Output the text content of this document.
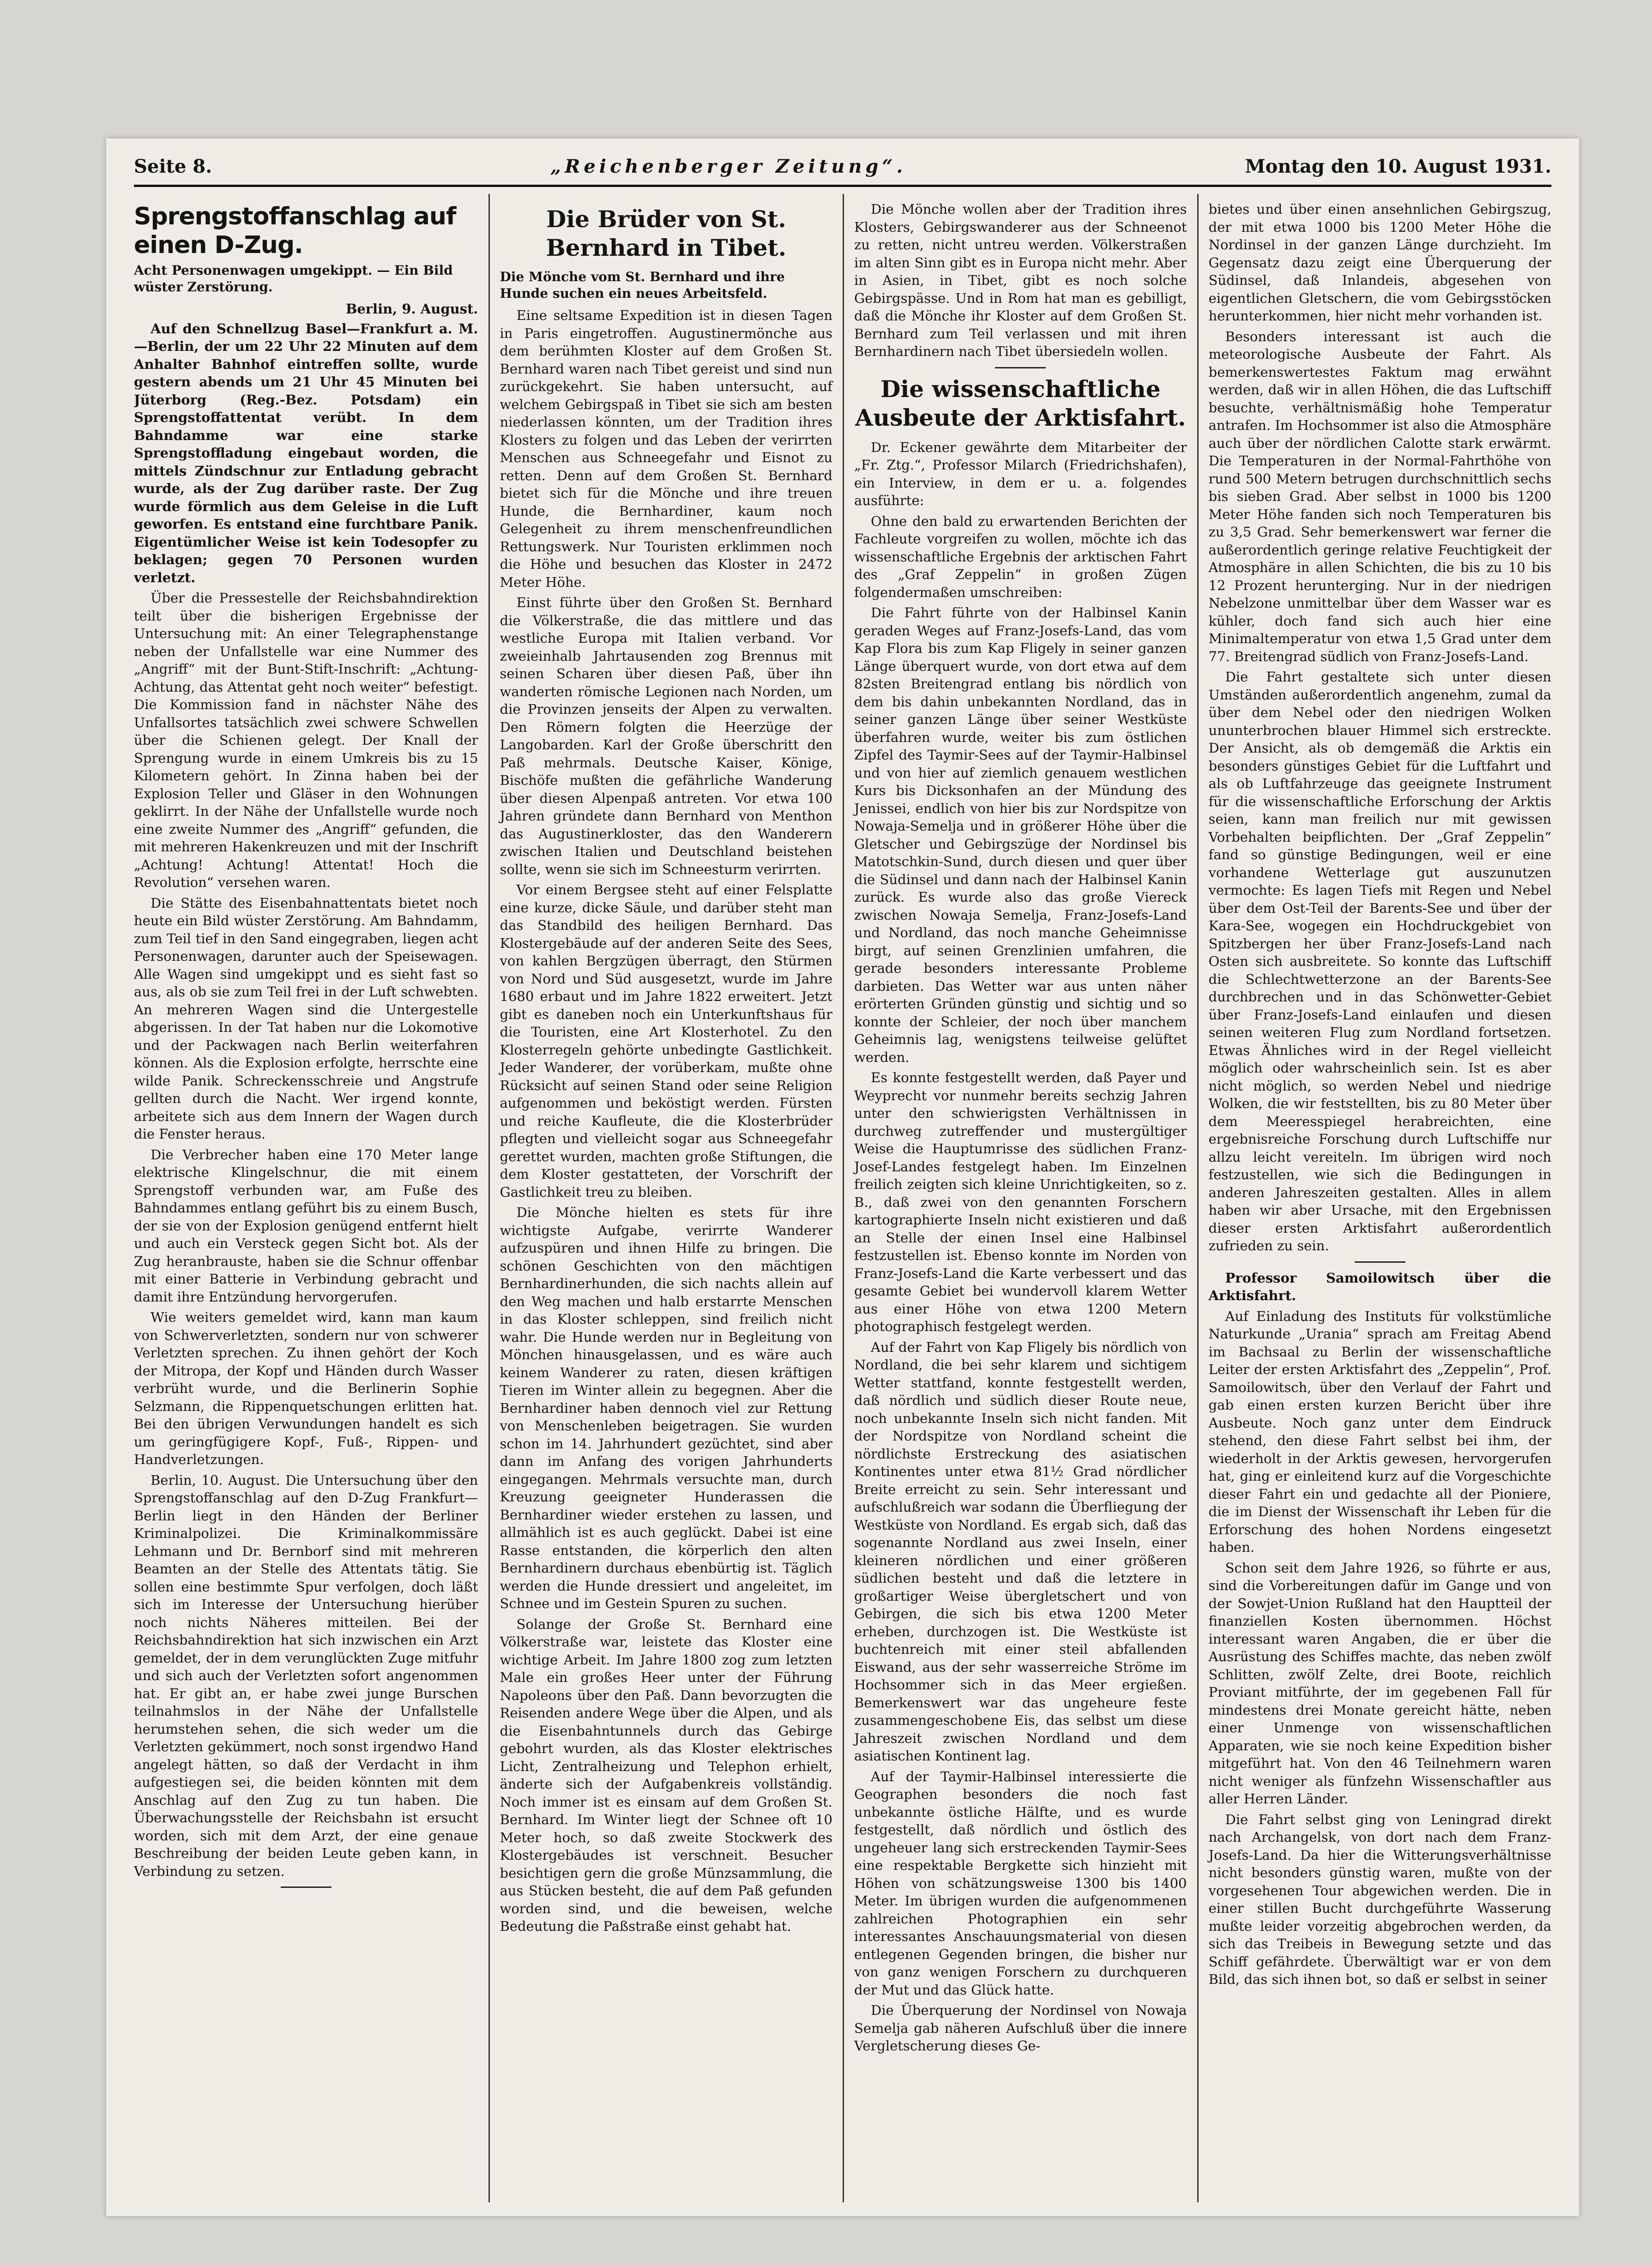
Seite 8.	„Reichenberger Zeitung“.	Montag den 10. August 1931.
Sprengstoffanschlag auf einen D-Zug.
Acht Personenwagen umgekippt. — Ein Bild wüster Zerstörung.
Berlin, 9. August.

Auf den Schnellzug Basel—Frankfurt a. M.—Berlin, der um 22 Uhr 22 Minuten auf dem Anhalter Bahnhof eintreffen sollte, wurde gestern abends um 21 Uhr 45 Minuten bei Jüterborg (Reg.-Bez. Potsdam) ein Sprengstoffattentat verübt. In dem Bahndamme war eine starke Sprengstoffladung eingebaut worden, die mittels Zündschnur zur Entladung gebracht wurde, als der Zug darüber raste. Der Zug wurde förmlich aus dem Geleise in die Luft geworfen. Es entstand eine furchtbare Panik. Eigentümlicher Weise ist kein Todesopfer zu beklagen; gegen 70 Personen wurden verletzt.

Über die Pressestelle der Reichsbahndirektion teilt über die bisherigen Ergebnisse der Untersuchung mit: An einer Telegraphenstange neben der Unfallstelle war eine Nummer des „Angriff“ mit der Bunt-Stift-Inschrift: „Achtung-Achtung, das Attentat geht noch weiter“ befestigt. Die Kommission fand in nächster Nähe des Unfallsortes tatsächlich zwei schwere Schwellen über die Schienen gelegt. Der Knall der Sprengung wurde in einem Umkreis bis zu 15 Kilometern gehört. In Zinna haben bei der Explosion Teller und Gläser in den Wohnungen geklirrt. In der Nähe der Unfallstelle wurde noch eine zweite Nummer des „Angriff“ gefunden, die mit mehreren Hakenkreuzen und mit der Inschrift „Achtung! Achtung! Attentat! Hoch die Revolution“ versehen waren.

Die Stätte des Eisenbahnattentats bietet noch heute ein Bild wüster Zerstörung. Am Bahndamm, zum Teil tief in den Sand eingegraben, liegen acht Personenwagen, darunter auch der Speisewagen. Alle Wagen sind umgekippt und es sieht fast so aus, als ob sie zum Teil frei in der Luft schwebten. An mehreren Wagen sind die Untergestelle abgerissen. In der Tat haben nur die Lokomotive und der Packwagen nach Berlin weiterfahren können. Als die Explosion erfolgte, herrschte eine wilde Panik. Schreckensschreie und Angstrufe gellten durch die Nacht. Wer irgend konnte, arbeitete sich aus dem Innern der Wagen durch die Fenster heraus.

Die Verbrecher haben eine 170 Meter lange elektrische Klingelschnur, die mit einem Sprengstoff verbunden war, am Fuße des Bahndammes entlang geführt bis zu einem Busch, der sie von der Explosion genügend entfernt hielt und auch ein Versteck gegen Sicht bot. Als der Zug heranbrauste, haben sie die Schnur offenbar mit einer Batterie in Verbindung gebracht und damit ihre Entzündung hervorgerufen.

Wie weiters gemeldet wird, kann man kaum von Schwerverletzten, sondern nur von schwerer Verletzten sprechen. Zu ihnen gehört der Koch der Mitropa, der Kopf und Händen durch Wasser verbrüht wurde, und die Berlinerin Sophie Selzmann, die Rippenquetschungen erlitten hat. Bei den übrigen Verwundungen handelt es sich um geringfügigere Kopf-, Fuß-, Rippen- und Handverletzungen.

Berlin, 10. August. Die Untersuchung über den Sprengstoffanschlag auf den D-Zug Frankfurt—Berlin liegt in den Händen der Berliner Kriminalpolizei. Die Kriminalkommissäre Lehmann und Dr. Bernborf sind mit mehreren Beamten an der Stelle des Attentats tätig. Sie sollen eine bestimmte Spur verfolgen, doch läßt sich im Interesse der Untersuchung hierüber noch nichts Näheres mitteilen. Bei der Reichsbahndirektion hat sich inzwischen ein Arzt gemeldet, der in dem verunglückten Zuge mitfuhr und sich auch der Verletzten sofort angenommen hat. Er gibt an, er habe zwei junge Burschen teilnahmslos in der Nähe der Unfallstelle herumstehen sehen, die sich weder um die Verletzten gekümmert, noch sonst irgendwo Hand angelegt hätten, so daß der Verdacht in ihm aufgestiegen sei, die beiden könnten mit dem Anschlag auf den Zug zu tun haben. Die Überwachungsstelle der Reichsbahn ist ersucht worden, sich mit dem Arzt, der eine genaue Beschreibung der beiden Leute geben kann, in Verbindung zu setzen.

Die Brüder von St. Bernhard in Tibet.
Die Mönche vom St. Bernhard und ihre Hunde suchen ein neues Arbeitsfeld.

Eine seltsame Expedition ist in diesen Tagen in Paris eingetroffen. Augustinermönche aus dem berühmten Kloster auf dem Großen St. Bernhard waren nach Tibet gereist und sind nun zurückgekehrt. Sie haben untersucht, auf welchem Gebirgspaß in Tibet sie sich am besten niederlassen könnten, um der Tradition ihres Klosters zu folgen und das Leben der verirrten Menschen aus Schneegefahr und Eisnot zu retten. Denn auf dem Großen St. Bernhard bietet sich für die Mönche und ihre treuen Hunde, die Bernhardiner, kaum noch Gelegenheit zu ihrem menschenfreundlichen Rettungswerk. Nur Touristen erklimmen noch die Höhe und besuchen das Kloster in 2472 Meter Höhe.

Einst führte über den Großen St. Bernhard die Völkerstraße, die das mittlere und das westliche Europa mit Italien verband. Vor zweieinhalb Jahrtausenden zog Brennus mit seinen Scharen über diesen Paß, über ihn wanderten römische Legionen nach Norden, um die Provinzen jenseits der Alpen zu verwalten. Den Römern folgten die Heerzüge der Langobarden. Karl der Große überschritt den Paß mehrmals. Deutsche Kaiser, Könige, Bischöfe mußten die gefährliche Wanderung über diesen Alpenpaß antreten. Vor etwa 100 Jahren gründete dann Bernhard von Menthon das Augustinerkloster, das den Wanderern zwischen Italien und Deutschland beistehen sollte, wenn sie sich im Schneesturm verirrten.

Vor einem Bergsee steht auf einer Felsplatte eine kurze, dicke Säule, und darüber steht man das Standbild des heiligen Bernhard. Das Klostergebäude auf der anderen Seite des Sees, von kahlen Bergzügen überragt, den Stürmen von Nord und Süd ausgesetzt, wurde im Jahre 1680 erbaut und im Jahre 1822 erweitert. Jetzt gibt es daneben noch ein Unterkunftshaus für die Touristen, eine Art Klosterhotel. Zu den Klosterregeln gehörte unbedingte Gastlichkeit. Jeder Wanderer, der vorüberkam, mußte ohne Rücksicht auf seinen Stand oder seine Religion aufgenommen und beköstigt werden. Fürsten und reiche Kaufleute, die die Klosterbrüder pflegten und vielleicht sogar aus Schneegefahr gerettet wurden, machten große Stiftungen, die dem Kloster gestatteten, der Vorschrift der Gastlichkeit treu zu bleiben.

Die Mönche hielten es stets für ihre wichtigste Aufgabe, verirrte Wanderer aufzuspüren und ihnen Hilfe zu bringen. Die schönen Geschichten von den mächtigen Bernhardinerhunden, die sich nachts allein auf den Weg machen und halb erstarrte Menschen in das Kloster schleppen, sind freilich nicht wahr. Die Hunde werden nur in Begleitung von Mönchen hinausgelassen, und es wäre auch keinem Wanderer zu raten, diesen kräftigen Tieren im Winter allein zu begegnen. Aber die Bernhardiner haben dennoch viel zur Rettung von Menschenleben beigetragen. Sie wurden schon im 14. Jahrhundert gezüchtet, sind aber dann im Anfang des vorigen Jahrhunderts eingegangen. Mehrmals versuchte man, durch Kreuzung geeigneter Hunderassen die Bernhardiner wieder erstehen zu lassen, und allmählich ist es auch geglückt. Dabei ist eine Rasse entstanden, die körperlich den alten Bernhardinern durchaus ebenbürtig ist. Täglich werden die Hunde dressiert und angeleitet, im Schnee und im Gestein Spuren zu suchen.

Solange der Große St. Bernhard eine Völkerstraße war, leistete das Kloster eine wichtige Arbeit. Im Jahre 1800 zog zum letzten Male ein großes Heer unter der Führung Napoleons über den Paß. Dann bevorzugten die Reisenden andere Wege über die Alpen, und als die Eisenbahntunnels durch das Gebirge gebohrt wurden, als das Kloster elektrisches Licht, Zentralheizung und Telephon erhielt, änderte sich der Aufgabenkreis vollständig. Noch immer ist es einsam auf dem Großen St. Bernhard. Im Winter liegt der Schnee oft 10 Meter hoch, so daß zweite Stockwerk des Klostergebäudes ist verschneit. Besucher besichtigen gern die große Münzsammlung, die aus Stücken besteht, die auf dem Paß gefunden worden sind, und die beweisen, welche Bedeutung die Paßstraße einst gehabt hat.

Die Mönche wollen aber der Tradition ihres Klosters, Gebirgswanderer aus der Schneenot zu retten, nicht untreu werden. Völkerstraßen im alten Sinn gibt es in Europa nicht mehr. Aber in Asien, in Tibet, gibt es noch solche Gebirgspässe. Und in Rom hat man es gebilligt, daß die Mönche ihr Kloster auf dem Großen St. Bernhard zum Teil verlassen und mit ihren Bernhardinern nach Tibet übersiedeln wollen.

Die wissenschaftliche Ausbeute der Arktisfahrt.

Dr. Eckener gewährte dem Mitarbeiter der „Fr. Ztg.“, Professor Milarch (Friedrichshafen), ein Interview, in dem er u. a. folgendes ausführte:

Ohne den bald zu erwartenden Berichten der Fachleute vorgreifen zu wollen, möchte ich das wissenschaftliche Ergebnis der arktischen Fahrt des „Graf Zeppelin“ in großen Zügen folgendermaßen umschreiben:

Die Fahrt führte von der Halbinsel Kanin geraden Weges auf Franz-Josefs-Land, das vom Kap Flora bis zum Kap Fligely in seiner ganzen Länge überquert wurde, von dort etwa auf dem 82sten Breitengrad entlang bis nördlich von dem bis dahin unbekannten Nordland, das in seiner ganzen Länge über seiner Westküste überfahren wurde, weiter bis zum östlichen Zipfel des Taymir-Sees auf der Taymir-Halbinsel und von hier auf ziemlich genauem westlichen Kurs bis Dicksonhafen an der Mündung des Jenissei, endlich von hier bis zur Nordspitze von Nowaja-Semelja und in größerer Höhe über die Gletscher und Gebirgszüge der Nordinsel bis Matotschkin-Sund, durch diesen und quer über die Südinsel und dann nach der Halbinsel Kanin zurück. Es wurde also das große Viereck zwischen Nowaja Semelja, Franz-Josefs-Land und Nordland, das noch manche Geheimnisse birgt, auf seinen Grenzlinien umfahren, die gerade besonders interessante Probleme darbieten. Das Wetter war aus unten näher erörterten Gründen günstig und sichtig und so konnte der Schleier, der noch über manchem Geheimnis lag, wenigstens teilweise gelüftet werden.

Es konnte festgestellt werden, daß Payer und Weyprecht vor nunmehr bereits sechzig Jahren unter den schwierigsten Verhältnissen in durchweg zutreffender und mustergültiger Weise die Hauptumrisse des südlichen Franz-Josef-Landes festgelegt haben. Im Einzelnen freilich zeigten sich kleine Unrichtigkeiten, so z. B., daß zwei von den genannten Forschern kartographierte Inseln nicht existieren und daß an Stelle der einen Insel eine Halbinsel festzustellen ist. Ebenso konnte im Norden von Franz-Josefs-Land die Karte verbessert und das gesamte Gebiet bei wundervoll klarem Wetter aus einer Höhe von etwa 1200 Metern photographisch festgelegt werden.

Auf der Fahrt von Kap Fligely bis nördlich von Nordland, die bei sehr klarem und sichtigem Wetter stattfand, konnte festgestellt werden, daß nördlich und südlich dieser Route neue, noch unbekannte Inseln sich nicht fanden. Mit der Nordspitze von Nordland scheint die nördlichste Erstreckung des asiatischen Kontinentes unter etwa 81½ Grad nördlicher Breite erreicht zu sein. Sehr interessant und aufschlußreich war sodann die Überfliegung der Westküste von Nordland. Es ergab sich, daß das sogenannte Nordland aus zwei Inseln, einer kleineren nördlichen und einer größeren südlichen besteht und daß die letztere in großartiger Weise übergletschert und von Gebirgen, die sich bis etwa 1200 Meter erheben, durchzogen ist. Die Westküste ist buchtenreich mit einer steil abfallenden Eiswand, aus der sehr wasserreiche Ströme im Hochsommer sich in das Meer ergießen. Bemerkenswert war das ungeheure feste zusammengeschobene Eis, das selbst um diese Jahreszeit zwischen Nordland und dem asiatischen Kontinent lag.

Auf der Taymir-Halbinsel interessierte die Geographen besonders die noch fast unbekannte östliche Hälfte, und es wurde festgestellt, daß nördlich und östlich des ungeheuer lang sich erstreckenden Taymir-Sees eine respektable Bergkette sich hinzieht mit Höhen von schätzungsweise 1300 bis 1400 Meter. Im übrigen wurden die aufgenommenen zahlreichen Photographien ein sehr interessantes Anschauungsmaterial von diesen entlegenen Gegenden bringen, die bisher nur von ganz wenigen Forschern zu durchqueren der Mut und das Glück hatte.

Die Überquerung der Nordinsel von Nowaja Semelja gab näheren Aufschluß über die innere Vergletscherung dieses Ge-

bietes und über einen ansehnlichen Gebirgszug, der mit etwa 1000 bis 1200 Meter Höhe die Nordinsel in der ganzen Länge durchzieht. Im Gegensatz dazu zeigt eine Überquerung der Südinsel, daß Inlandeis, abgesehen von eigentlichen Gletschern, die vom Gebirgsstöcken herunterkommen, hier nicht mehr vorhanden ist.

Besonders interessant ist auch die meteorologische Ausbeute der Fahrt. Als bemerkenswertestes Faktum mag erwähnt werden, daß wir in allen Höhen, die das Luftschiff besuchte, verhältnismäßig hohe Temperatur antrafen. Im Hochsommer ist also die Atmosphäre auch über der nördlichen Calotte stark erwärmt. Die Temperaturen in der Normal-Fahrthöhe von rund 500 Metern betrugen durchschnittlich sechs bis sieben Grad. Aber selbst in 1000 bis 1200 Meter Höhe fanden sich noch Temperaturen bis zu 3,5 Grad. Sehr bemerkenswert war ferner die außerordentlich geringe relative Feuchtigkeit der Atmosphäre in allen Schichten, die bis zu 10 bis 12 Prozent herunterging. Nur in der niedrigen Nebelzone unmittelbar über dem Wasser war es kühler, doch fand sich auch hier eine Minimaltemperatur von etwa 1,5 Grad unter dem 77. Breitengrad südlich von Franz-Josefs-Land.

Die Fahrt gestaltete sich unter diesen Umständen außerordentlich angenehm, zumal da über dem Nebel oder den niedrigen Wolken ununterbrochen blauer Himmel sich erstreckte. Der Ansicht, als ob demgemäß die Arktis ein besonders günstiges Gebiet für die Luftfahrt und als ob Luftfahrzeuge das geeignete Instrument für die wissenschaftliche Erforschung der Arktis seien, kann man freilich nur mit gewissen Vorbehalten beipflichten. Der „Graf Zeppelin“ fand so günstige Bedingungen, weil er eine vorhandene Wetterlage gut auszunutzen vermochte: Es lagen Tiefs mit Regen und Nebel über dem Ost-Teil der Barents-See und über der Kara-See, wogegen ein Hochdruckgebiet von Spitzbergen her über Franz-Josefs-Land nach Osten sich ausbreitete. So konnte das Luftschiff die Schlechtwetterzone an der Barents-See durchbrechen und in das Schönwetter-Gebiet über Franz-Josefs-Land einlaufen und diesen seinen weiteren Flug zum Nordland fortsetzen. Etwas Ähnliches wird in der Regel vielleicht möglich oder wahrscheinlich sein. Ist es aber nicht möglich, so werden Nebel und niedrige Wolken, die wir feststellten, bis zu 80 Meter über dem Meeresspiegel herabreichten, eine ergebnisreiche Forschung durch Luftschiffe nur allzu leicht vereiteln. Im übrigen wird noch festzustellen, wie sich die Bedingungen in anderen Jahreszeiten gestalten. Alles in allem haben wir aber Ursache, mit den Ergebnissen dieser ersten Arktisfahrt außerordentlich zufrieden zu sein.

Professor Samoilowitsch über die Arktisfahrt.

Auf Einladung des Instituts für volkstümliche Naturkunde „Urania“ sprach am Freitag Abend im Bachsaal zu Berlin der wissenschaftliche Leiter der ersten Arktisfahrt des „Zeppelin“, Prof. Samoilowitsch, über den Verlauf der Fahrt und gab einen ersten kurzen Bericht über ihre Ausbeute. Noch ganz unter dem Eindruck stehend, den diese Fahrt selbst bei ihm, der wiederholt in der Arktis gewesen, hervorgerufen hat, ging er einleitend kurz auf die Vorgeschichte dieser Fahrt ein und gedachte all der Pioniere, die im Dienst der Wissenschaft ihr Leben für die Erforschung des hohen Nordens eingesetzt haben.

Schon seit dem Jahre 1926, so führte er aus, sind die Vorbereitungen dafür im Gange und von der Sowjet-Union Rußland hat den Hauptteil der finanziellen Kosten übernommen. Höchst interessant waren Angaben, die er über die Ausrüstung des Schiffes machte, das neben zwölf Schlitten, zwölf Zelte, drei Boote, reichlich Proviant mitführte, der im gegebenen Fall für mindestens drei Monate gereicht hätte, neben einer Unmenge von wissenschaftlichen Apparaten, wie sie noch keine Expedition bisher mitgeführt hat. Von den 46 Teilnehmern waren nicht weniger als fünfzehn Wissenschaftler aus aller Herren Länder.

Die Fahrt selbst ging von Leningrad direkt nach Archangelsk, von dort nach dem Franz-Josefs-Land. Da hier die Witterungsverhältnisse nicht besonders günstig waren, mußte von der vorgesehenen Tour abgewichen werden. Die in einer stillen Bucht durchgeführte Wasserung mußte leider vorzeitig abgebrochen werden, da sich das Treibeis in Bewegung setzte und das Schiff gefährdete. Überwältigt war er von dem Bild, das sich ihnen bot, so daß er selbst in seiner
